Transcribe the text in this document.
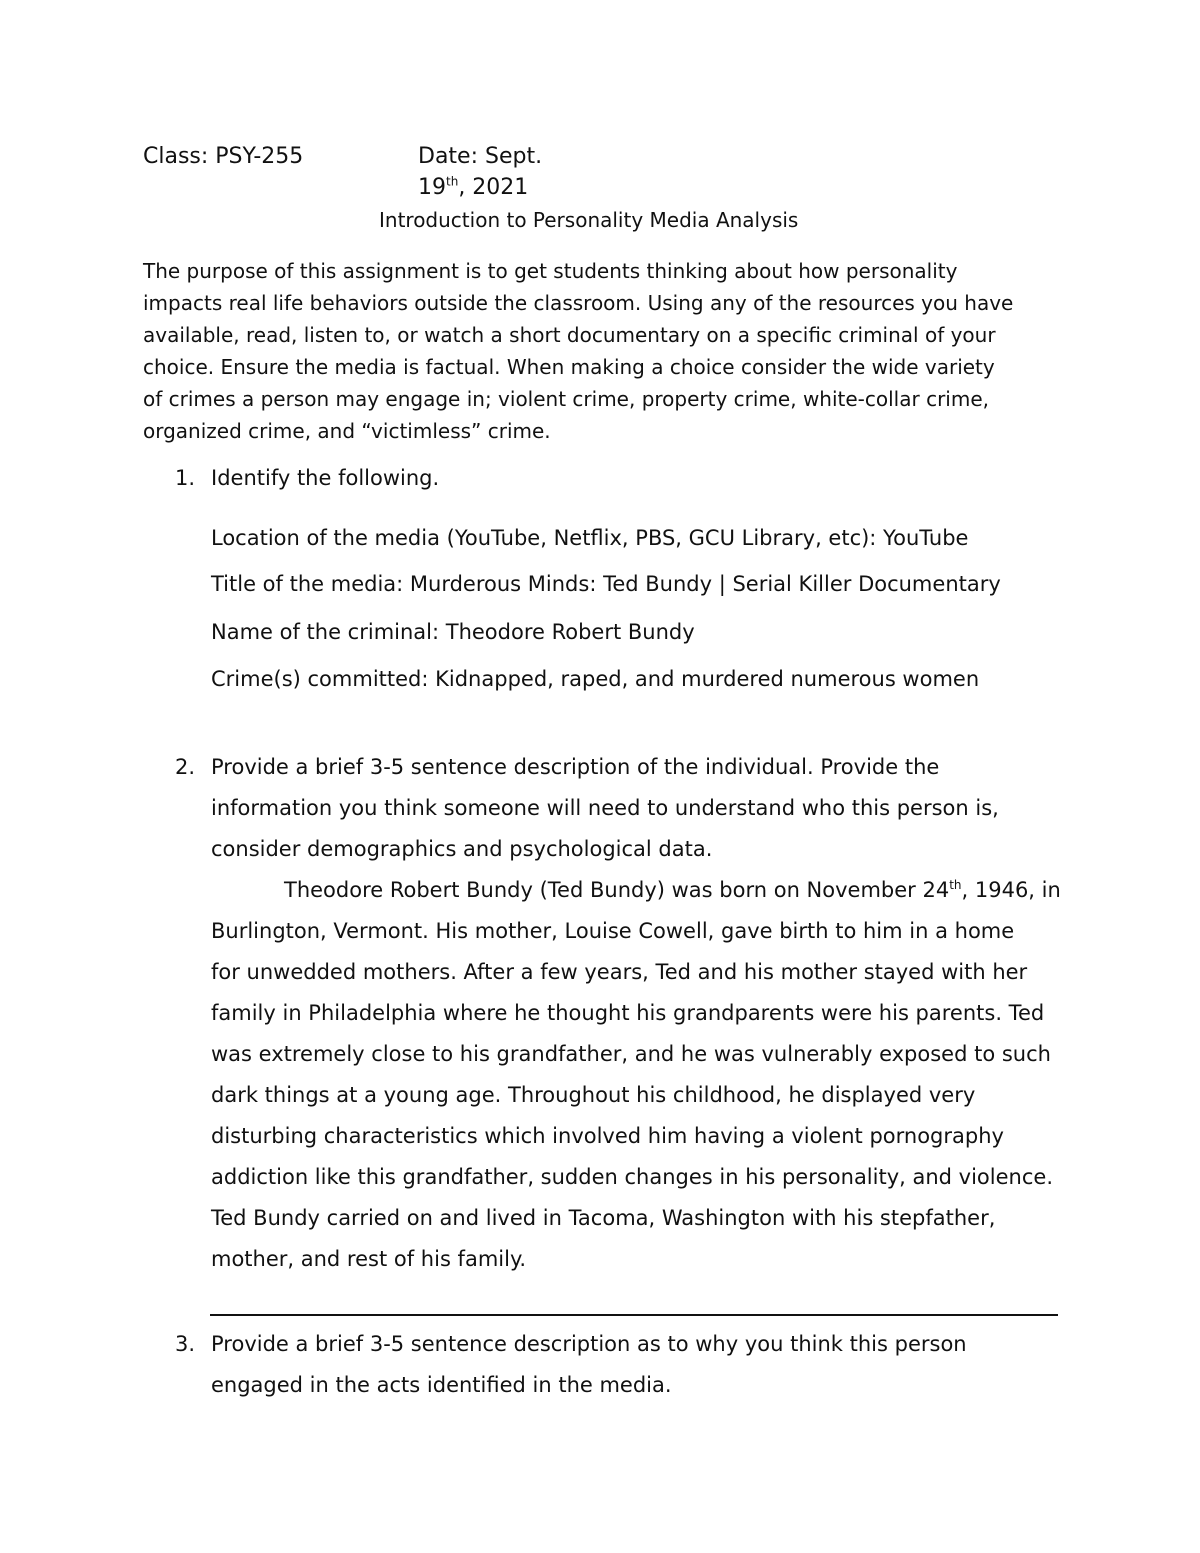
Class: PSY-255	Date: Sept.
19th, 2021
Introduction to Personality Media Analysis
The purpose of this assignment is to get students thinking about how personality
impacts real life behaviors outside the classroom. Using any of the resources you have
available, read, listen to, or watch a short documentary on a specific criminal of your
choice. Ensure the media is factual. When making a choice consider the wide variety
of crimes a person may engage in; violent crime, property crime, white-collar crime,
organized crime, and “victimless” crime.
1. Identify the following.
Location of the media (YouTube, Netflix, PBS, GCU Library, etc): YouTube
Title of the media: Murderous Minds: Ted Bundy | Serial Killer Documentary
Name of the criminal: Theodore Robert Bundy
Crime(s) committed: Kidnapped, raped, and murdered numerous women
2. Provide a brief 3-5 sentence description of the individual. Provide the
information you think someone will need to understand who this person is,
consider demographics and psychological data.
Theodore Robert Bundy (Ted Bundy) was born on November 24th, 1946, in
Burlington, Vermont. His mother, Louise Cowell, gave birth to him in a home
for unwedded mothers. After a few years, Ted and his mother stayed with her
family in Philadelphia where he thought his grandparents were his parents. Ted
was extremely close to his grandfather, and he was vulnerably exposed to such
dark things at a young age. Throughout his childhood, he displayed very
disturbing characteristics which involved him having a violent pornography
addiction like this grandfather, sudden changes in his personality, and violence.
Ted Bundy carried on and lived in Tacoma, Washington with his stepfather,
mother, and rest of his family.
3. Provide a brief 3-5 sentence description as to why you think this person
engaged in the acts identified in the media.
